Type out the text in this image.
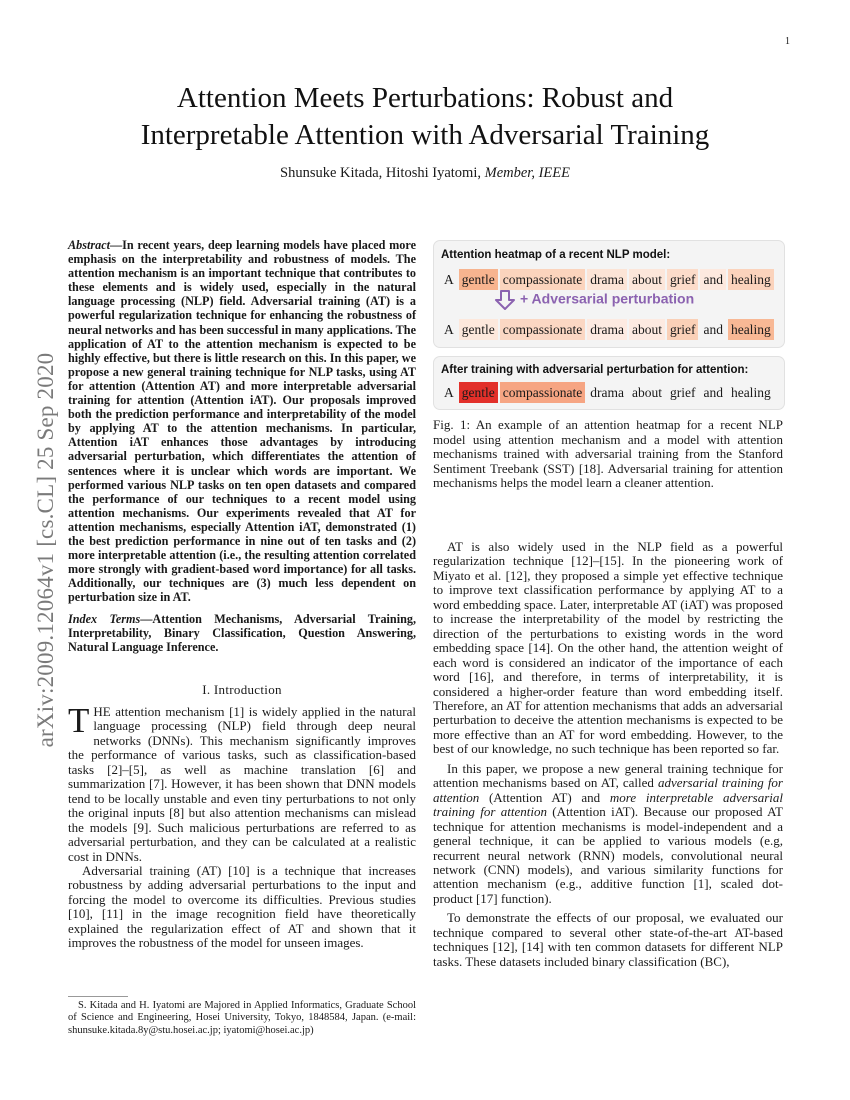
1
arXiv:2009.12064v1 [cs.CL] 25 Sep 2020
Attention Meets Perturbations: Robust and
Interpretable Attention with Adversarial Training
Shunsuke Kitada, Hitoshi Iyatomi, Member, IEEE
Abstract—In recent years, deep learning models have placed more emphasis on the interpretability and robustness of models. The attention mechanism is an important technique that contributes to these elements and is widely used, especially in the natural language processing (NLP) field. Adversarial training (AT) is a powerful regularization technique for enhancing the robustness of neural networks and has been successful in many applications. The application of AT to the attention mechanism is expected to be highly effective, but there is little research on this. In this paper, we propose a new general training technique for NLP tasks, using AT for attention (Attention AT) and more interpretable adversarial training for attention (Attention iAT). Our proposals improved both the prediction performance and interpretability of the model by applying AT to the attention mechanisms. In particular, Attention iAT enhances those advantages by introducing adversarial perturbation, which differentiates the attention of sentences where it is unclear which words are important. We performed various NLP tasks on ten open datasets and compared the performance of our techniques to a recent model using attention mechanisms. Our experiments revealed that AT for attention mechanisms, especially Attention iAT, demonstrated (1) the best prediction performance in nine out of ten tasks and (2) more interpretable attention (i.e., the resulting attention correlated more strongly with gradient-based word importance) for all tasks. Additionally, our techniques are (3) much less dependent on perturbation size in AT.
Index Terms—Attention Mechanisms, Adversarial Training, Interpretability, Binary Classification, Question Answering, Natural Language Inference.
I. Introduction

THE attention mechanism [1] is widely applied in the natural language processing (NLP) field through deep neural networks (DNNs). This mechanism significantly improves the performance of various tasks, such as classification-based tasks [2]–[5], as well as machine translation [6] and summarization [7]. However, it has been shown that DNN models tend to be locally unstable and even tiny perturbations to not only the original inputs [8] but also attention mechanisms can mislead the models [9]. Such malicious perturbations are referred to as adversarial perturbation, and they can be calculated at a realistic cost in DNNs.

Adversarial training (AT) [10] is a technique that increases robustness by adding adversarial perturbations to the input and forcing the model to overcome its difficulties. Previous studies [10], [11] in the image recognition field have theoretically explained the regularization effect of AT and shown that it improves the robustness of the model for unseen images.

S. Kitada and H. Iyatomi are Majored in Applied Informatics, Graduate School of Science and Engineering, Hosei University, Tokyo, 1848584, Japan. (e-mail: shunsuke.kitada.8y@stu.hosei.ac.jp; iyatomi@hosei.ac.jp)

Attention heatmap of a recent NLP model:
A gentle compassionate drama about grief and healing
+ Adversarial perturbation
A gentle compassionate drama about grief and healing
After training with adversarial perturbation for attention:
A gentle compassionate drama about grief and healing
Fig. 1: An example of an attention heatmap for a recent NLP model using attention mechanism and a model with attention mechanisms trained with adversarial training from the Stanford Sentiment Treebank (SST) [18]. Adversarial training for attention mechanisms helps the model learn a cleaner attention.

AT is also widely used in the NLP field as a powerful regularization technique [12]–[15]. In the pioneering work of Miyato et al. [12], they proposed a simple yet effective technique to improve text classification performance by applying AT to a word embedding space. Later, interpretable AT (iAT) was proposed to increase the interpretability of the model by restricting the direction of the perturbations to existing words in the word embedding space [14]. On the other hand, the attention weight of each word is considered an indicator of the importance of each word [16], and therefore, in terms of interpretability, it is considered a higher-order feature than word embedding itself. Therefore, an AT for attention mechanisms that adds an adversarial perturbation to deceive the attention mechanisms is expected to be more effective than an AT for word embedding. However, to the best of our knowledge, no such technique has been reported so far.

In this paper, we propose a new general training technique for attention mechanisms based on AT, called adversarial training for attention (Attention AT) and more interpretable adversarial training for attention (Attention iAT). Because our proposed AT technique for attention mechanisms is model-independent and a general technique, it can be applied to various models (e.g, recurrent neural network (RNN) models, convolutional neural network (CNN) models), and various similarity functions for attention mechanism (e.g., additive function [1], scaled dot-product [17] function).

To demonstrate the effects of our proposal, we evaluated our technique compared to several other state-of-the-art AT-based techniques [12], [14] with ten common datasets for different NLP tasks. These datasets included binary classification (BC),
